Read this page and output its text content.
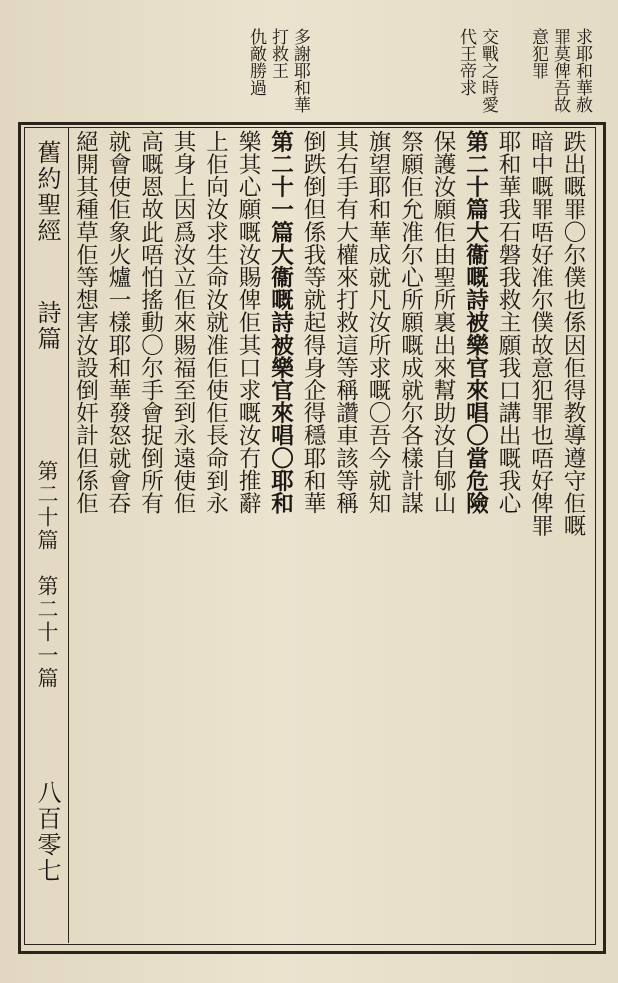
求耶和華赦
罪莫俾吾故
意犯罪
交戰之時愛
代王帝求
多謝耶和華
打救王
仇敵勝過
舊約聖經
詩篇
第二十篇　第二十一篇
八百零七
跌出嘅罪〇尔僕也係因佢得教導遵守佢嘅
暗中嘅罪唔好准尔僕故意犯罪也唔好俾罪
耶和華我石磐我救主願我口講出嘅我心
第二十篇大衞嘅詩被樂官來唱〇當危險
保護汝願佢由聖所裏出來幫助汝自郇山
祭願佢允准尔心所願嘅成就尔各樣計謀
旗望耶和華成就凡汝所求嘅〇吾今就知
其右手有大權來打救這等稱讚車該等稱
倒跌倒但係我等就起得身企得穩耶和華
第二十一篇大衞嘅詩被樂官來唱〇耶和
樂其心願嘅汝賜俾佢其口求嘅汝冇推辭
上佢向汝求生命汝就准佢使佢長命到永
其身上因爲汝立佢來賜福至到永遠使佢
高嘅恩故此唔怕搖動〇尔手會捉倒所有
就會使佢象火爐一樣耶和華發怒就會吞
絕開其種草佢等想害汝設倒奸計但係佢
